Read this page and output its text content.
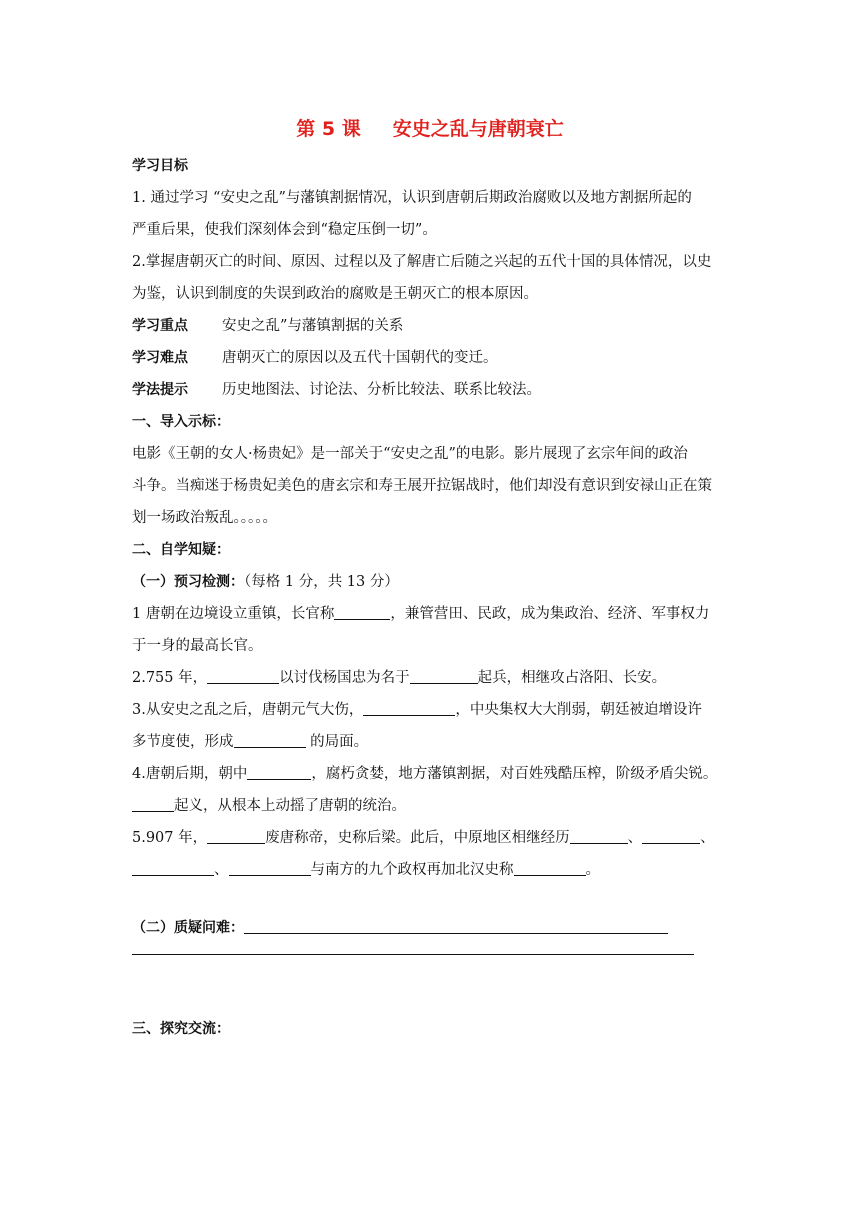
第 5 课 安史之乱与唐朝衰亡
学习目标
1. 通过学习 “安史之乱”与藩镇割据情况，认识到唐朝后期政治腐败以及地方割据所起的
严重后果，使我们深刻体会到“稳定压倒一切”。
2.掌握唐朝灭亡的时间、原因、过程以及了解唐亡后随之兴起的五代十国的具体情况，以史
为鉴，认识到制度的失误到政治的腐败是王朝灭亡的根本原因。
学习重点 安史之乱”与藩镇割据的关系
学习难点 唐朝灭亡的原因以及五代十国朝代的变迁。
学法提示 历史地图法、讨论法、分析比较法、联系比较法。
一、导入示标：
电影《王朝的女人·杨贵妃》是一部关于“安史之乱”的电影。影片展现了玄宗年间的政治
斗争。当痴迷于杨贵妃美色的唐玄宗和寿王展开拉锯战时，他们却没有意识到安禄山正在策
划一场政治叛乱。。。。。
二、自学知疑：
（一）预习检测：（每格 1 分，共 13 分）
1 唐朝在边境设立重镇，长官称	，兼管营田、民政，成为集政治、经济、军事权力
于一身的最高长官。
2.755 年，	以讨伐杨国忠为名于	起兵，相继攻占洛阳、长安。
3.从安史之乱之后，唐朝元气大伤，	，中央集权大大削弱，朝廷被迫增设许
多节度使，形成	的局面。
4.唐朝后期，朝中	，腐朽贪婪，地方藩镇割据，对百姓残酷压榨，阶级矛盾尖锐。
起义，从根本上动摇了唐朝的统治。
5.907 年，	废唐称帝，史称后梁。此后，中原地区相继经历	、	、
、	与南方的九个政权再加北汉史称	。
（二）质疑问难：
三、探究交流：
